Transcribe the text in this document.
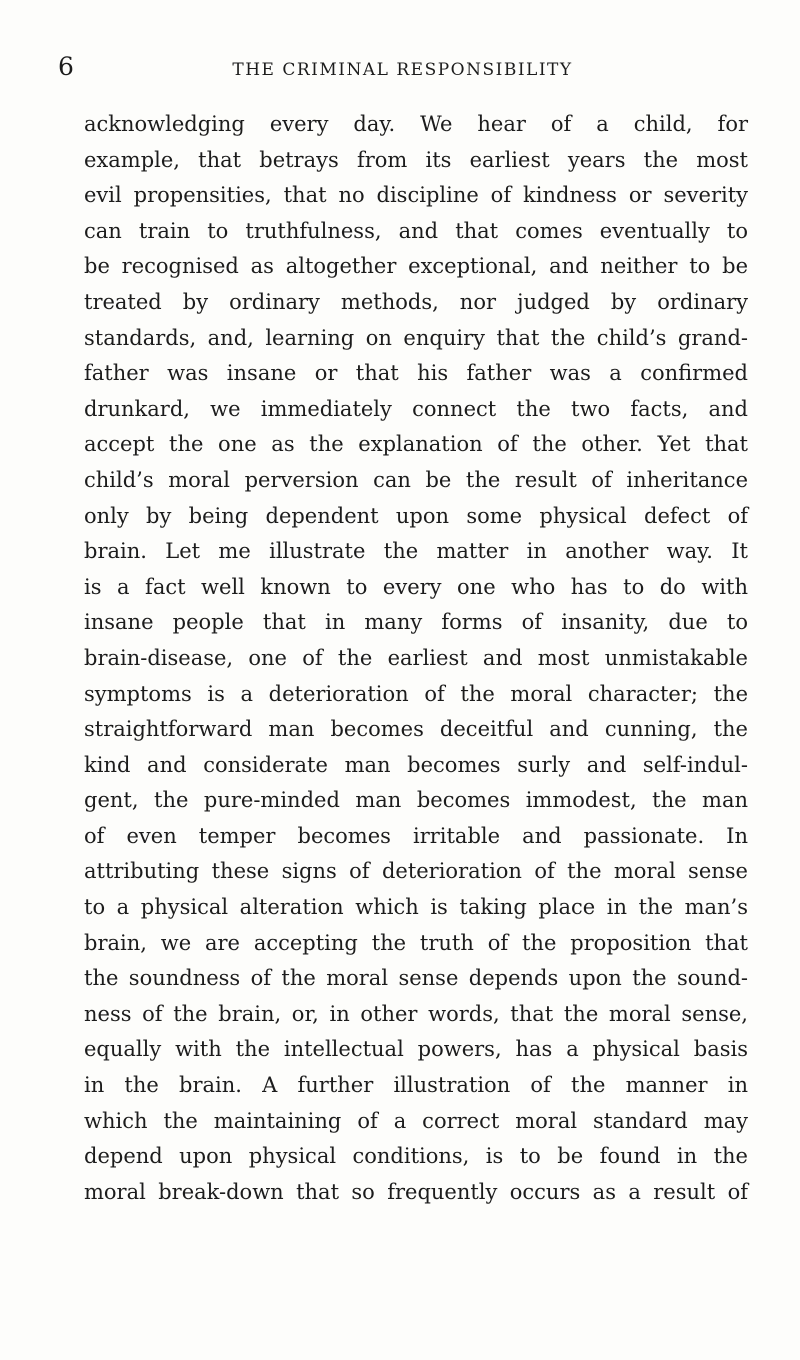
6	THE CRIMINAL RESPONSIBILITY
acknowledging every day. We hear of a child, for
example, that betrays from its earliest years the most
evil propensities, that no discipline of kindness or severity
can train to truthfulness, and that comes eventually to
be recognised as altogether exceptional, and neither to be
treated by ordinary methods, nor judged by ordinary
standards, and, learning on enquiry that the child’s grand-
father was insane or that his father was a confirmed
drunkard, we immediately connect the two facts, and
accept the one as the explanation of the other. Yet that
child’s moral perversion can be the result of inheritance
only by being dependent upon some physical defect of
brain. Let me illustrate the matter in another way. It
is a fact well known to every one who has to do with
insane people that in many forms of insanity, due to
brain-disease, one of the earliest and most unmistakable
symptoms is a deterioration of the moral character; the
straightforward man becomes deceitful and cunning, the
kind and considerate man becomes surly and self-indul-
gent, the pure-minded man becomes immodest, the man
of even temper becomes irritable and passionate. In
attributing these signs of deterioration of the moral sense
to a physical alteration which is taking place in the man’s
brain, we are accepting the truth of the proposition that
the soundness of the moral sense depends upon the sound-
ness of the brain, or, in other words, that the moral sense,
equally with the intellectual powers, has a physical basis
in the brain. A further illustration of the manner in
which the maintaining of a correct moral standard may
depend upon physical conditions, is to be found in the
moral break-down that so frequently occurs as a result of
